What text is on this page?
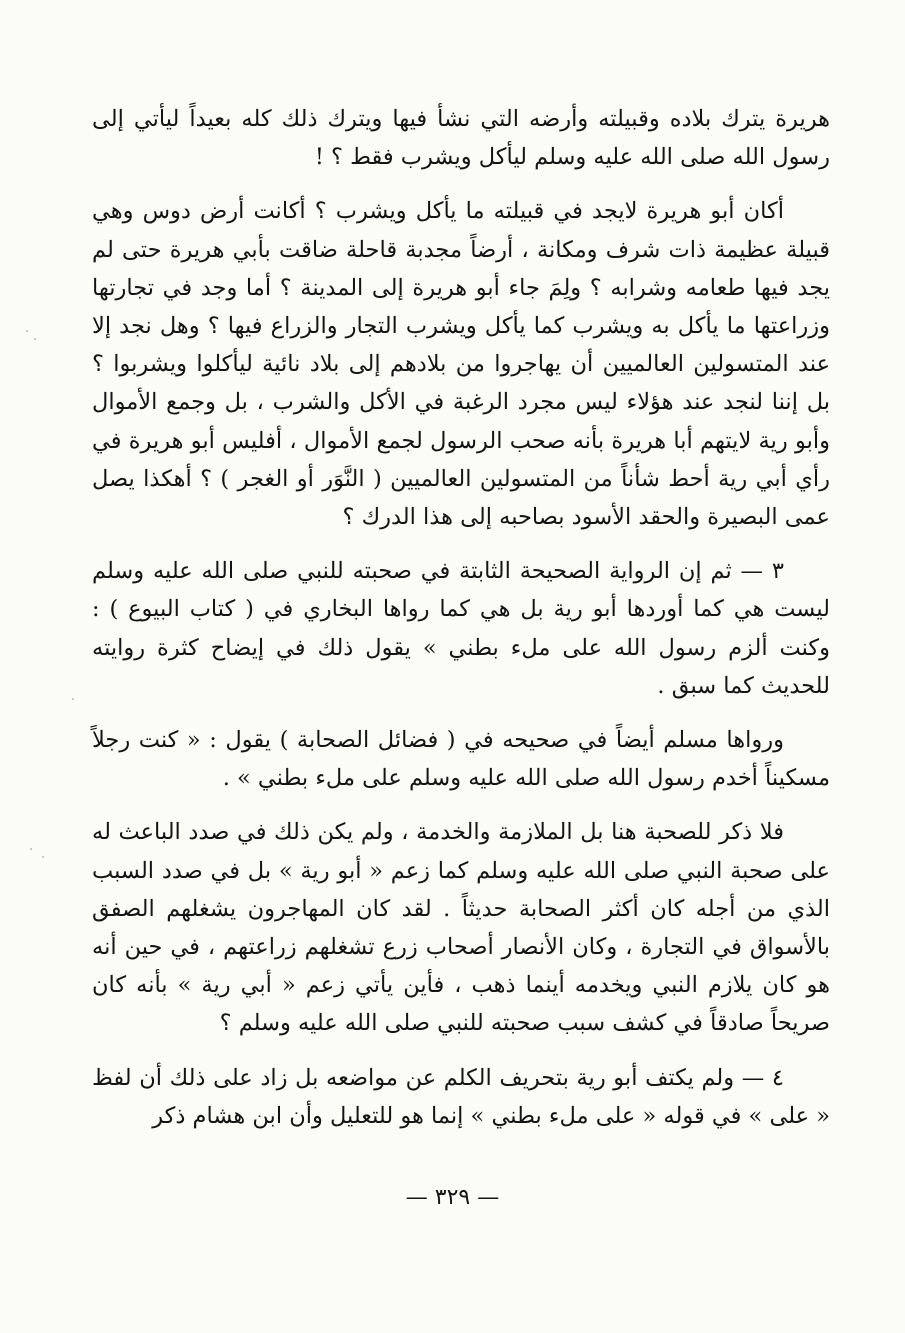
هريرة يترك بلاده وقبيلته وأرضه التي نشأ فيها ويترك ذلك كله بعيداً ليأتي إلى رسول الله صلى الله عليه وسلم ليأكل ويشرب فقط ؟ !

أكان أبو هريرة لايجد في قبيلته ما يأكل ويشرب ؟ أكانت أرض دوس وهي قبيلة عظيمة ذات شرف ومكانة ، أرضاً مجدبة قاحلة ضاقت بأبي هريرة حتى لم يجد فيها طعامه وشرابه ؟ ولِمَ جاء أبو هريرة إلى المدينة ؟ أما وجد في تجارتها وزراعتها ما يأكل به ويشرب كما يأكل ويشرب التجار والزراع فيها ؟ وهل نجد إلا عند المتسولين العالميين أن يهاجروا من بلادهم إلى بلاد نائية ليأكلوا ويشربوا ؟ بل إننا لنجد عند هؤلاء ليس مجرد الرغبة في الأكل والشرب ، بل وجمع الأموال وأبو رية لايتهم أبا هريرة بأنه صحب الرسول لجمع الأموال ، أفليس أبو هريرة في رأي أبي رية أحط شأناً من المتسولين العالميين ( النَّوَر أو الغجر ) ؟ أهكذا يصل عمى البصيرة والحقد الأسود بصاحبه إلى هذا الدرك ؟

٣ — ثم إن الرواية الصحيحة الثابتة في صحبته للنبي صلى الله عليه وسلم ليست هي كما أوردها أبو رية بل هي كما رواها البخاري في ( كتاب البيوع ) : وكنت ألزم رسول الله على ملء بطني » يقول ذلك في إيضاح كثرة روايته للحديث كما سبق .

ورواها مسلم أيضاً في صحيحه في ( فضائل الصحابة ) يقول : « كنت رجلاً مسكيناً أخدم رسول الله صلى الله عليه وسلم على ملء بطني » .

فلا ذكر للصحبة هنا بل الملازمة والخدمة ، ولم يكن ذلك في صدد الباعث له على صحبة النبي صلى الله عليه وسلم كما زعم « أبو رية » بل في صدد السبب الذي من أجله كان أكثر الصحابة حديثاً . لقد كان المهاجرون يشغلهم الصفق بالأسواق في التجارة ، وكان الأنصار أصحاب زرع تشغلهم زراعتهم ، في حين أنه هو كان يلازم النبي ويخدمه أينما ذهب ، فأين يأتي زعم « أبي رية » بأنه كان صريحاً صادقاً في كشف سبب صحبته للنبي صلى الله عليه وسلم ؟

٤ — ولم يكتف أبو رية بتحريف الكلم عن مواضعه بل زاد على ذلك أن لفظ « على » في قوله « على ملء بطني » إنما هو للتعليل وأن ابن هشام ذكر

— ٣٢٩ —
